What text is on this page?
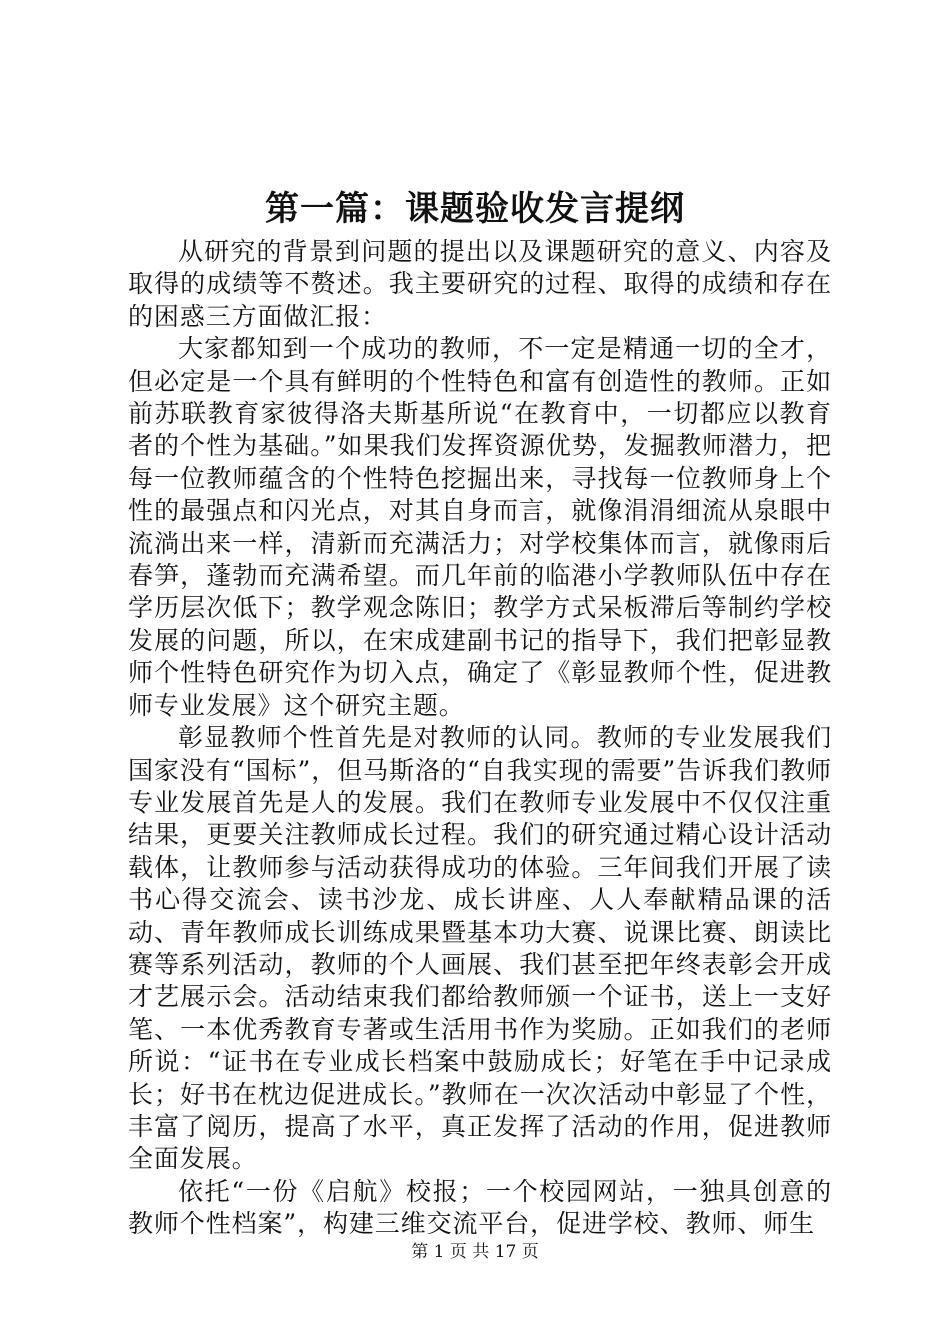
第一篇：课题验收发言提纲

从研究的背景到问题的提出以及课题研究的意义、内容及取得的成绩等不赘述。我主要研究的过程、取得的成绩和存在的困惑三方面做汇报：

大家都知到一个成功的教师，不一定是精通一切的全才，但必定是一个具有鲜明的个性特色和富有创造性的教师。正如前苏联教育家彼得洛夫斯基所说“在教育中，一切都应以教育者的个性为基础。”如果我们发挥资源优势，发掘教师潜力，把每一位教师蕴含的个性特色挖掘出来，寻找每一位教师身上个性的最强点和闪光点，对其自身而言，就像涓涓细流从泉眼中流淌出来一样，清新而充满活力；对学校集体而言，就像雨后春笋，蓬勃而充满希望。而几年前的临港小学教师队伍中存在学历层次低下；教学观念陈旧；教学方式呆板滞后等制约学校发展的问题，所以，在宋成建副书记的指导下，我们把彰显教师个性特色研究作为切入点，确定了《彰显教师个性，促进教师专业发展》这个研究主题。

彰显教师个性首先是对教师的认同。教师的专业发展我们国家没有“国标”，但马斯洛的“自我实现的需要”告诉我们教师专业发展首先是人的发展。我们在教师专业发展中不仅仅注重结果，更要关注教师成长过程。我们的研究通过精心设计活动载体，让教师参与活动获得成功的体验。三年间我们开展了读书心得交流会、读书沙龙、成长讲座、人人奉献精品课的活动、青年教师成长训练成果暨基本功大赛、说课比赛、朗读比赛等系列活动，教师的个人画展、我们甚至把年终表彰会开成才艺展示会。活动结束我们都给教师颁一个证书，送上一支好笔、一本优秀教育专著或生活用书作为奖励。正如我们的老师所说：“证书在专业成长档案中鼓励成长；好笔在手中记录成长；好书在枕边促进成长。”教师在一次次活动中彰显了个性，丰富了阅历，提高了水平，真正发挥了活动的作用，促进教师全面发展。

依托“一份《启航》校报；一个校园网站，一独具创意的教师个性档案”，构建三维交流平台，促进学校、教师、师生

第 1 页 共 17 页
